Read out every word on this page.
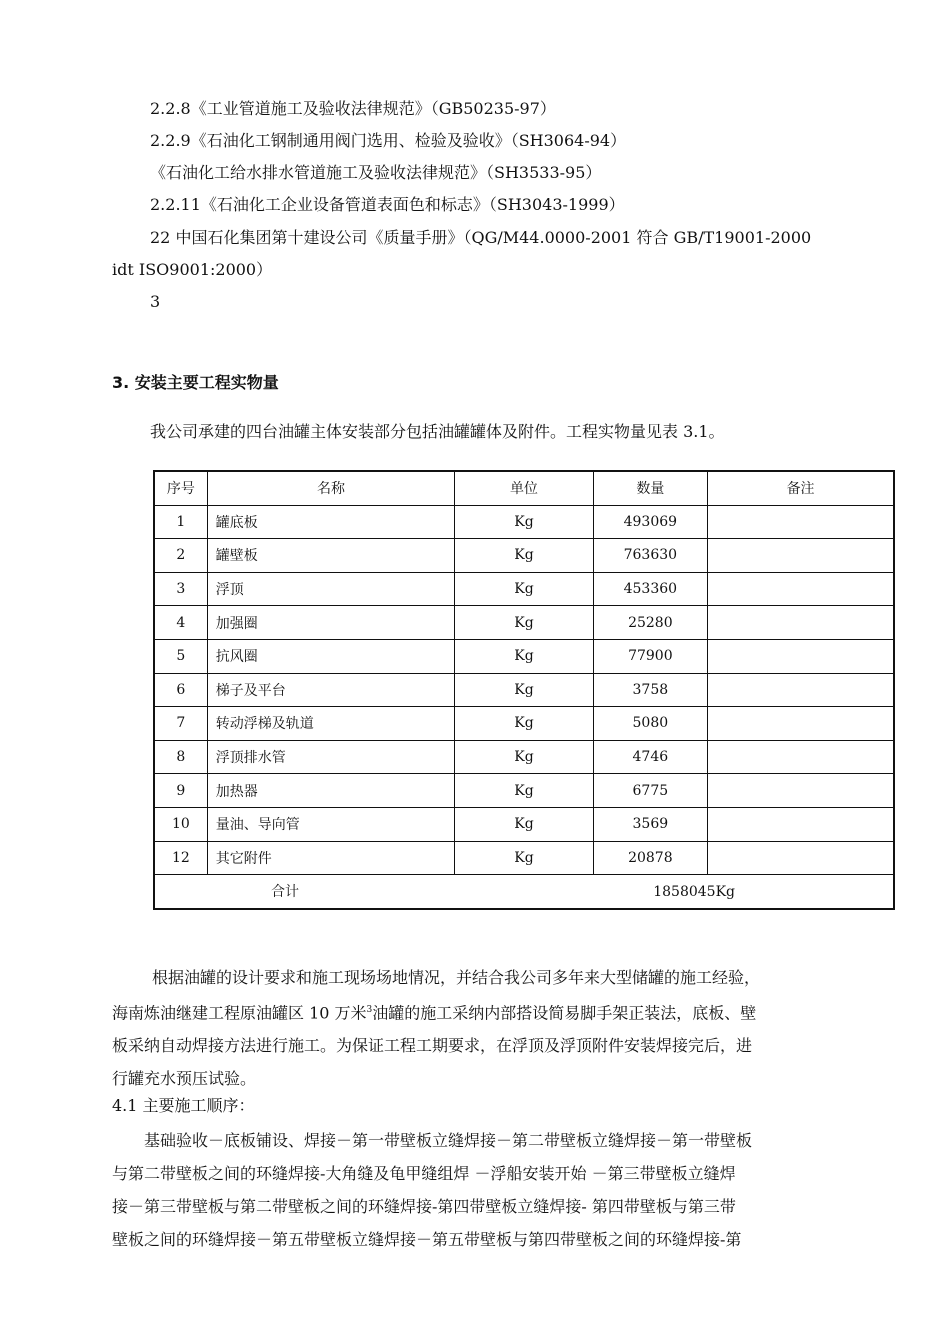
2.2.8《工业管道施工及验收法律规范》（GB50235-97）
2.2.9《石油化工钢制通用阀门选用、检验及验收》（SH3064-94）
《石油化工给水排水管道施工及验收法律规范》（SH3533-95）
2.2.11《石油化工企业设备管道表面色和标志》（SH3043-1999）
22 中国石化集团第十建设公司《质量手册》（QG/M44.0000-2001 符合 GB/T19001-2000
idt ISO9001:2000）
3
3. 安装主要工程实物量
我公司承建的四台油罐主体安装部分包括油罐罐体及附件。工程实物量见表 3.1。
序号	名称	单位	数量	备注
1	罐底板	Kg	493069	
2	罐壁板	Kg	763630	
3	浮顶	Kg	453360	
4	加强圈	Kg	25280	
5	抗风圈	Kg	77900	
6	梯子及平台	Kg	3758	
7	转动浮梯及轨道	Kg	5080	
8	浮顶排水管	Kg	4746	
9	加热器	Kg	6775	
10	量油、导向管	Kg	3569	
12	其它附件	Kg	20878	
合计 1858045Kg				
根据油罐的设计要求和施工现场场地情况，并结合我公司多年来大型储罐的施工经验，
海南炼油继建工程原油罐区 10 万米$^3$油罐的施工采纳内部搭设简易脚手架正装法，底板、壁
板采纳自动焊接方法进行施工。为保证工程工期要求，在浮顶及浮顶附件安装焊接完后，进
行罐充水预压试验。
4.1 主要施工顺序：
基础验收－底板铺设、焊接－第一带壁板立缝焊接－第二带壁板立缝焊接－第一带壁板
与第二带壁板之间的环缝焊接-大角缝及龟甲缝组焊 －浮船安装开始 －第三带壁板立缝焊
接－第三带壁板与第二带壁板之间的环缝焊接-第四带壁板立缝焊接- 第四带壁板与第三带
壁板之间的环缝焊接－第五带壁板立缝焊接－第五带壁板与第四带壁板之间的环缝焊接-第
